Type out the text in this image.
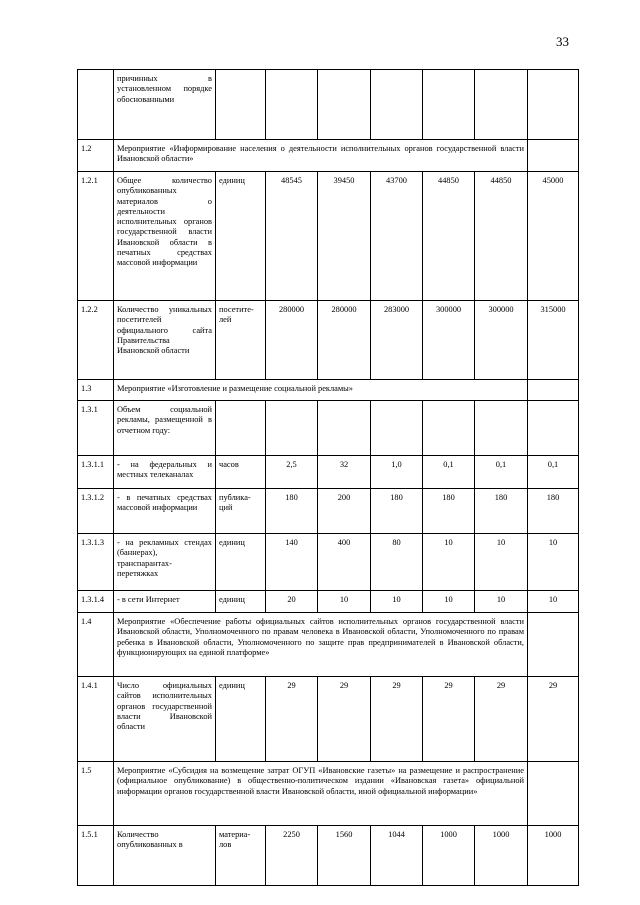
33
	причинных в установленном порядке обоснованными							
1.2	Мероприятие «Информирование населения о деятельности исполнительных органов государственной власти Ивановской области»							
1.2.1	Общее количество опубликованных материалов о деятельности исполнительных органов государственной власти Ивановской области в печатных средствах массовой информации	единиц	48545	39450	43700	44850	44850	45000
1.2.2	Количество уникальных посетителей официального сайта Правительства Ивановской области	посетите-лей	280000	280000	283000	300000	300000	315000
1.3	Мероприятие «Изготовление и размещение социальной рекламы»							
1.3.1	Объем социальной рекламы, размещенной в отчетном году:							
1.3.1.1	- на федеральных и местных телеканалах	часов	2,5	32	1,0	0,1	0,1	0,1
1.3.1.2	- в печатных средствах массовой информации	публика-ций	180	200	180	180	180	180
1.3.1.3	- на рекламных стендах (баннерах), транспарантах-перетяжках	единиц	140	400	80	10	10	10
1.3.1.4	- в сети Интернет	единиц	20	10	10	10	10	10
1.4	Мероприятие «Обеспечение работы официальных сайтов исполнительных органов государственной власти Ивановской области, Уполномоченного по правам человека в Ивановской области, Уполномоченного по правам ребенка в Ивановской области, Уполномоченного по защите прав предпринимателей в Ивановской области, функционирующих на единой платформе»							
1.4.1	Число официальных сайтов исполнительных органов государственной власти Ивановской области	единиц	29	29	29	29	29	29
1.5	Мероприятие «Субсидия на возмещение затрат ОГУП «Ивановские газеты» на размещение и распространение (официальное опубликование) в общественно-политическом издании «Ивановская газета» официальной информации органов государственной власти Ивановской области, иной официальной информации»							
1.5.1	Количество опубликованных в	материа-лов	2250	1560	1044	1000	1000	1000
